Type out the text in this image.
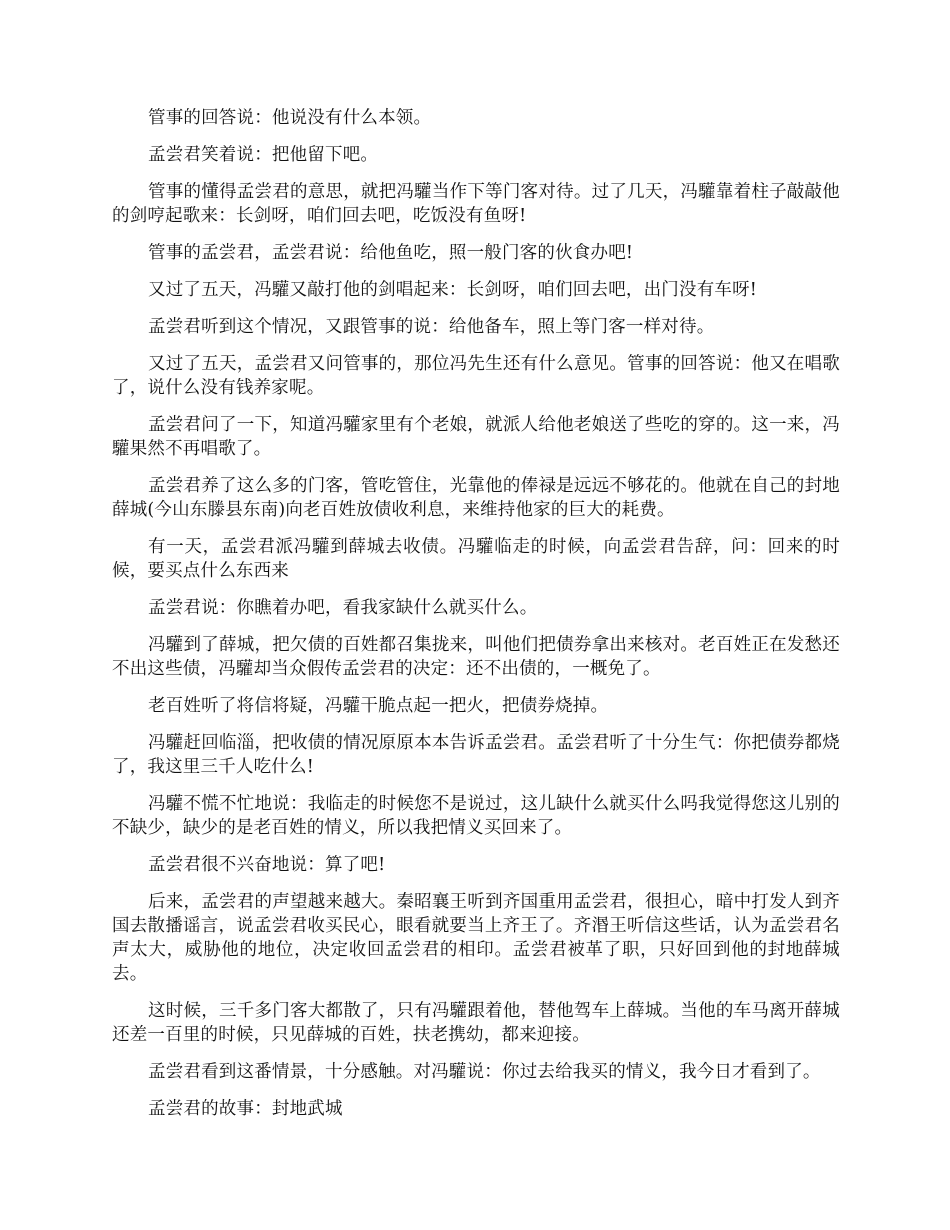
管事的回答说：他说没有什么本领。

孟尝君笑着说：把他留下吧。

管事的懂得孟尝君的意思，就把冯驩当作下等门客对待。过了几天，冯驩靠着柱子敲敲他的剑哼起歌来：长剑呀，咱们回去吧，吃饭没有鱼呀!

管事的孟尝君，孟尝君说：给他鱼吃，照一般门客的伙食办吧!

又过了五天，冯驩又敲打他的剑唱起来：长剑呀，咱们回去吧，出门没有车呀!

孟尝君听到这个情况，又跟管事的说：给他备车，照上等门客一样对待。

又过了五天，孟尝君又问管事的，那位冯先生还有什么意见。管事的回答说：他又在唱歌了，说什么没有钱养家呢。

孟尝君问了一下，知道冯驩家里有个老娘，就派人给他老娘送了些吃的穿的。这一来，冯驩果然不再唱歌了。

孟尝君养了这么多的门客，管吃管住，光靠他的俸禄是远远不够花的。他就在自己的封地薛城(今山东滕县东南)向老百姓放债收利息，来维持他家的巨大的耗费。

有一天，孟尝君派冯驩到薛城去收债。冯驩临走的时候，向孟尝君告辞，问：回来的时候，要买点什么东西来

孟尝君说：你瞧着办吧，看我家缺什么就买什么。

冯驩到了薛城，把欠债的百姓都召集拢来，叫他们把债券拿出来核对。老百姓正在发愁还不出这些债，冯驩却当众假传孟尝君的决定：还不出债的，一概免了。

老百姓听了将信将疑，冯驩干脆点起一把火，把债券烧掉。

冯驩赶回临淄，把收债的情况原原本本告诉孟尝君。孟尝君听了十分生气：你把债券都烧了，我这里三千人吃什么!

冯驩不慌不忙地说：我临走的时候您不是说过，这儿缺什么就买什么吗我觉得您这儿别的不缺少，缺少的是老百姓的情义，所以我把情义买回来了。

孟尝君很不兴奋地说：算了吧!

后来，孟尝君的声望越来越大。秦昭襄王听到齐国重用孟尝君，很担心，暗中打发人到齐国去散播谣言，说孟尝君收买民心，眼看就要当上齐王了。齐湣王听信这些话，认为孟尝君名声太大，威胁他的地位，决定收回孟尝君的相印。孟尝君被革了职，只好回到他的封地薛城去。

这时候，三千多门客大都散了，只有冯驩跟着他，替他驾车上薛城。当他的车马离开薛城还差一百里的时候，只见薛城的百姓，扶老携幼，都来迎接。

孟尝君看到这番情景，十分感触。对冯驩说：你过去给我买的情义，我今日才看到了。

孟尝君的故事：封地武城
